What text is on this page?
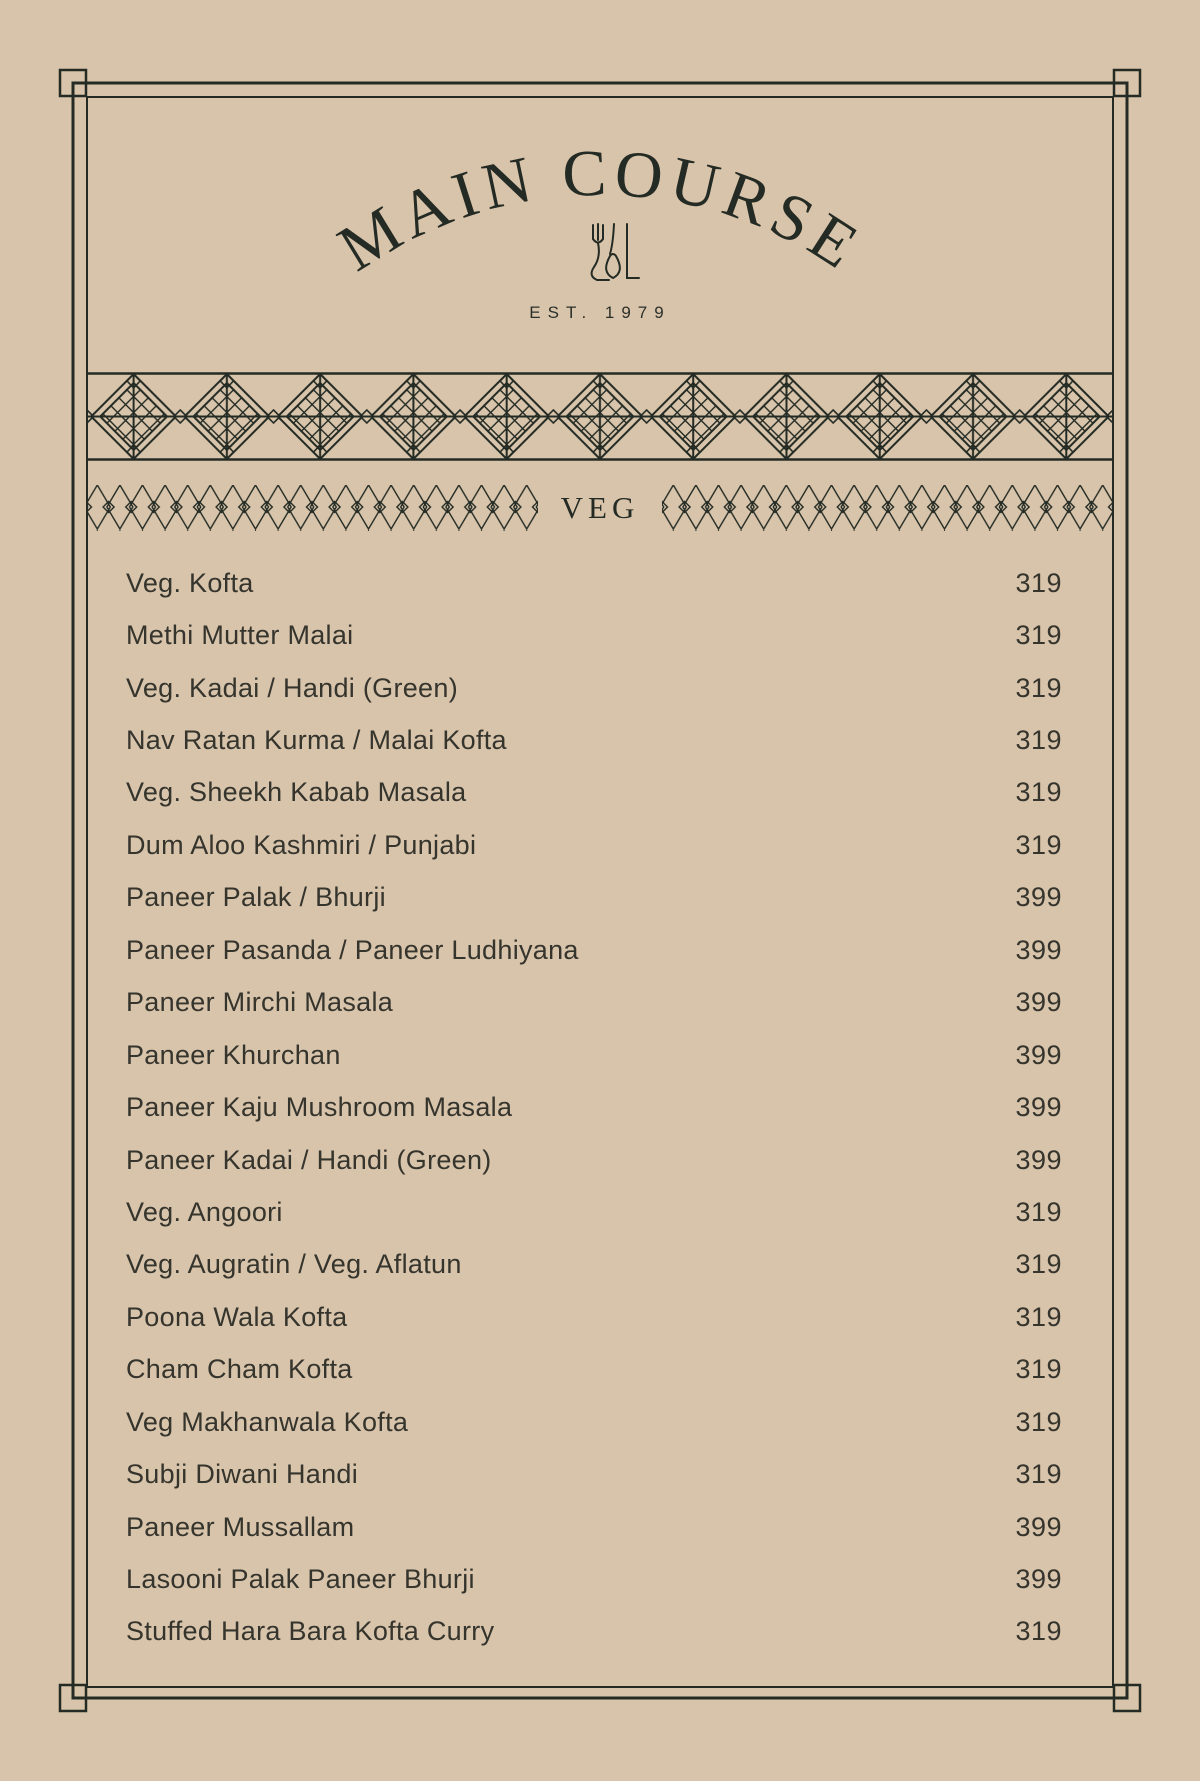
MAIN COURSE
EST. 1979
VEG
Veg. Kofta	319
Methi Mutter Malai	319
Veg. Kadai / Handi (Green)	319
Nav Ratan Kurma / Malai Kofta	319
Veg. Sheekh Kabab Masala	319
Dum Aloo Kashmiri / Punjabi	319
Paneer Palak / Bhurji	399
Paneer Pasanda / Paneer Ludhiyana	399
Paneer Mirchi Masala	399
Paneer Khurchan	399
Paneer Kaju Mushroom Masala	399
Paneer Kadai / Handi (Green)	399
Veg. Angoori	319
Veg. Augratin / Veg. Aflatun	319
Poona Wala Kofta	319
Cham Cham Kofta	319
Veg Makhanwala Kofta	319
Subji Diwani Handi	319
Paneer Mussallam	399
Lasooni Palak Paneer Bhurji	399
Stuffed Hara Bara Kofta Curry	319
